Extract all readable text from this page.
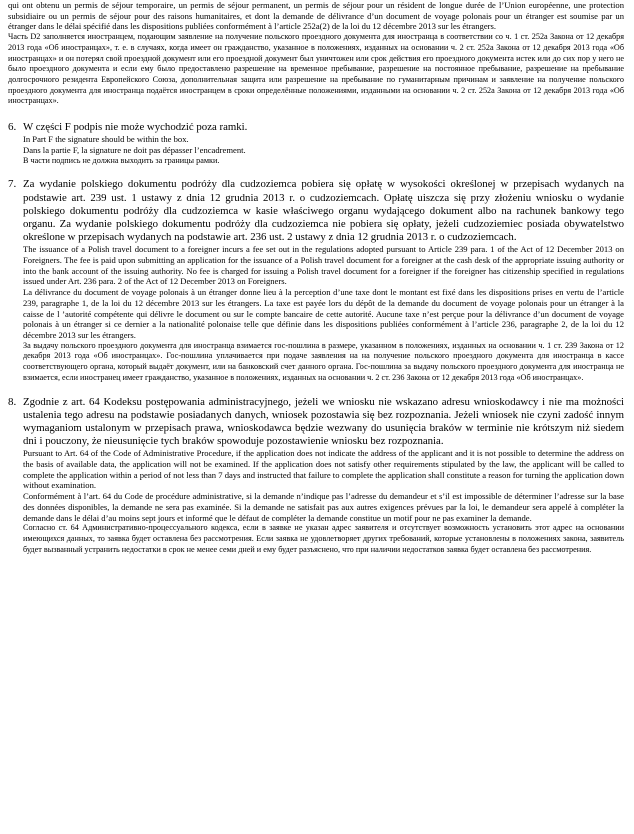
qui ont obtenu un permis de séjour temporaire, un permis de séjour permanent, un permis de séjour pour un résident de longue durée de l’Union européenne, une protection subsidiaire ou un permis de séjour pour des raisons humanitaires, et dont la demande de délivrance d’un document de voyage polonais pour un étranger est soumise par un étranger dans le délai spécifié dans les dispositions publiées conformément à l’article 252a(2) de la loi du 12 décembre 2013 sur les étrangers.

Часть D2 заполняется иностранцем, подающим заявление на получение польского проездного документа для иностранца в соответствии со ч. 1 ст. 252а Закона от 12 декабря 2013 года «Об иностранцах», т. е. в случаях, когда имеет он гражданство, указанное в положениях, изданных на основании ч. 2 ст. 252а Закона от 12 декабря 2013 года «Об иностранцах» и он потерял свой проездной документ или его проездной документ был уничтожен или срок действия его проездного документа истек или до сих пор у него не было проездного документа и если ему было предоставлено разрешение на временное пребывание, разрешение на постоянное пребывание, разрешение на пребывание долгосрочного резидента Европейского Союза, дополнительная защита или разрешение на пребывание по гуманитарным причинам и заявление на получение польского проездного документа для иностранца подаётся иностранцем в сроки определённые положениями, изданными на основании ч. 2 ст. 252а Закона от 12 декабря 2013 года «Об иностранцах».

6. W części F podpis nie może wychodzić poza ramki.

In Part F the signature should be within the box.

Dans la partie F, la signature ne doit pas dépasser l’encadrement.

В части подпись не должна выходить за границы рамки.

7. Za wydanie polskiego dokumentu podróży dla cudzoziemca pobiera się opłatę w wysokości określonej w przepisach wydanych na podstawie art. 239 ust. 1 ustawy z dnia 12 grudnia 2013 r. o cudzoziemcach. Opłatę uiszcza się przy złożeniu wniosku o wydanie polskiego dokumentu podróży dla cudzoziemca w kasie właściwego organu wydającego dokument albo na rachunek bankowy tego organu. Za wydanie polskiego dokumentu podróży dla cudzoziemca nie pobiera się opłaty, jeżeli cudzoziemiec posiada obywatelstwo określone w przepisach wydanych na podstawie art. 236 ust. 2 ustawy z dnia 12 grudnia 2013 r. o cudzoziemcach.

The issuance of a Polish travel document to a foreigner incurs a fee set out in the regulations adopted pursuant to Article 239 para. 1 of the Act of 12 December 2013 on Foreigners. The fee is paid upon submitting an application for the issuance of a Polish travel document for a foreigner at the cash desk of the appropriate issuing authority or into the bank account of the issuing authority. No fee is charged for issuing a Polish travel document for a foreigner if the foreigner has citizenship specified in regulations issued under Art. 236 para. 2 of the Act of 12 December 2013 on Foreigners.

La délivrance du document de voyage polonais à un étranger donne lieu à la perception d’une taxe dont le montant est fixé dans les dispositions prises en vertu de l’article 239, paragraphe 1, de la loi du 12 décembre 2013 sur les étrangers. La taxe est payée lors du dépôt de la demande du document de voyage polonais pour un étranger à la caisse de l ’autorité compétente qui délivre le document ou sur le compte bancaire de cette autorité. Aucune taxe n’est perçue pour la délivrance d’un document de voyage polonais à un étranger si ce dernier a la nationalité polonaise telle que définie dans les dispositions publiées conformément à l’article 236, paragraphe 2, de la loi du 12 décembre 2013 sur les étrangers.

За выдачу польского проездного документа для иностранца взимается гос-пошлина в размере, указанном в положениях, изданных на основании ч. 1 ст. 239 Закона от 12 декабря 2013 года «Об иностранцах». Гос-пошлина уплачивается при подаче заявления на на получение польского проездного документа для иностранца в кассе соответствующего органа, который выдаёт документ, или на банковский счет данного органа. Гос-пошлина за выдачу польского проездного документа для иностранца не взимается, если иностранец имеет гражданство, указанное в положениях, изданных на основании ч. 2 ст. 236 Закона от 12 декабря 2013 года «Об иностранцах».

8. Zgodnie z art. 64 Kodeksu postępowania administracyjnego, jeżeli we wniosku nie wskazano adresu wnioskodawcy i nie ma możności ustalenia tego adresu na podstawie posiadanych danych, wniosek pozostawia się bez rozpoznania. Jeżeli wniosek nie czyni zadość innym wymaganiom ustalonym w przepisach prawa, wnioskodawca będzie wezwany do usunięcia braków w terminie nie krótszym niż siedem dni i pouczony, że nieusunięcie tych braków spowoduje pozostawienie wniosku bez rozpoznania.

Pursuant to Art. 64 of the Code of Administrative Procedure, if the application does not indicate the address of the applicant and it is not possible to determine the address on the basis of available data, the application will not be examined. If the application does not satisfy other requirements stipulated by the law, the applicant will be called to complete the application within a period of not less than 7 days and instructed that failure to complete the application shall constitute a reason for turning the application down without examination.

Conformément à l’art. 64 du Code de procédure administrative, si la demande n’indique pas l’adresse du demandeur et s’il est impossible de déterminer l’adresse sur la base des données disponibles, la demande ne sera pas examinée. Si la demande ne satisfait pas aux autres exigences prévues par la loi, le demandeur sera appelé à compléter la demande dans le délai d’au moins sept jours et informé que le défaut de compléter la demande constitue un motif pour ne pas examiner la demande.

Согласно ст. 64 Административно-процессуального кодекса, если в заявке не указан адрес заявителя и отсутствует возможность установить этот адрес на основании имеющихся данных, то заявка будет оставлена без рассмотрения. Если заявка не удовлетворяет других требований, которые установлены в положениях закона, заявитель будет вызванный устранить недостатки в срок не менее семи дней и ему будет разъяснено, что при наличии недостатков заявка будет оставлена без рассмотрения.
